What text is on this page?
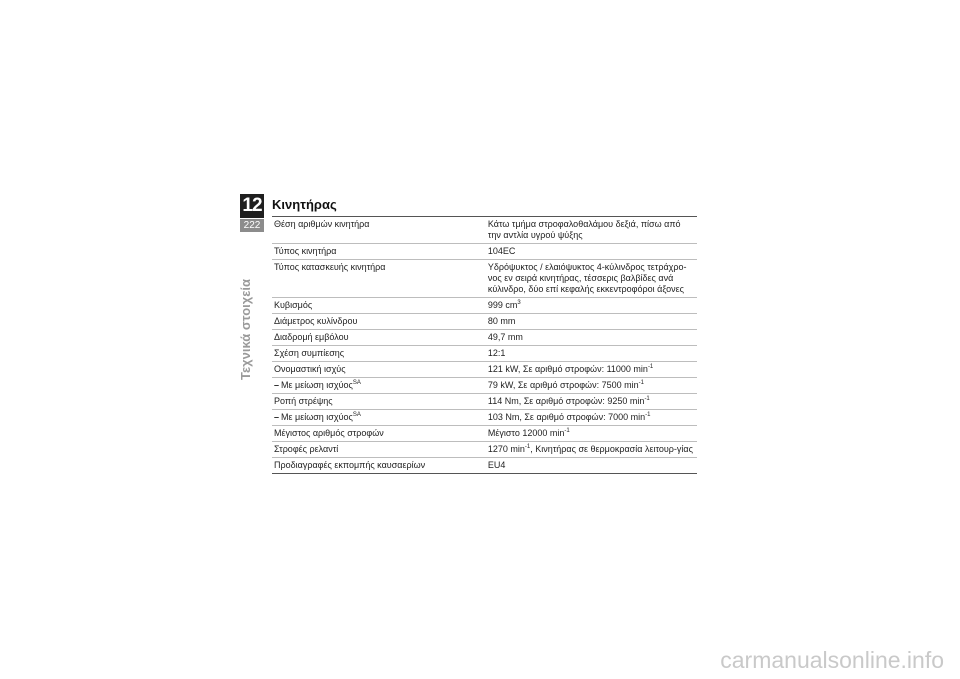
12
222
Τεχνικά στοιχεία
Κινητήρας
Θέση αριθμών κινητήρα	Κάτω τμήμα στροφαλοθαλάμου δεξιά, πίσω από την αντλία υγρού ψύξης
Τύπος κινητήρα	104EC
Τύπος κατασκευής κινητήρα	Υδρόψυκτος / ελαιόψυκτος 4-κύλινδρος τετράχρο-νος εν σειρά κινητήρας, τέσσερις βαλβίδες ανά κύλινδρο, δύο επί κεφαλής εκκεντροφόροι άξονες
Κυβισμός	999 $cm^3$
Διάμετρος κυλίνδρου	80 mm
Διαδρομή εμβόλου	49,7 mm
Σχέση συμπίεσης	12:1
Ονομαστική ισχύς	121 kW, Σε αριθμό στροφών: 11000 $\min^{-1}$
– Με μείωση ισχύος$^{SA}$	79 kW, Σε αριθμό στροφών: 7500 $\min^{-1}$
Ροπή στρέψης	114 Nm, Σε αριθμό στροφών: 9250 $\min^{-1}$
– Με μείωση ισχύος$^{SA}$	103 Nm, Σε αριθμό στροφών: 7000 $\min^{-1}$
Μέγιστος αριθμός στροφών	Μέγιστο 12000 $\min^{-1}$
Στροφές ρελαντί	1270 $\min^{-1}$, Κινητήρας σε θερμοκρασία λειτουρ-γίας
Προδιαγραφές εκπομπής καυσαερίων	EU4
carmanualsonline.info
